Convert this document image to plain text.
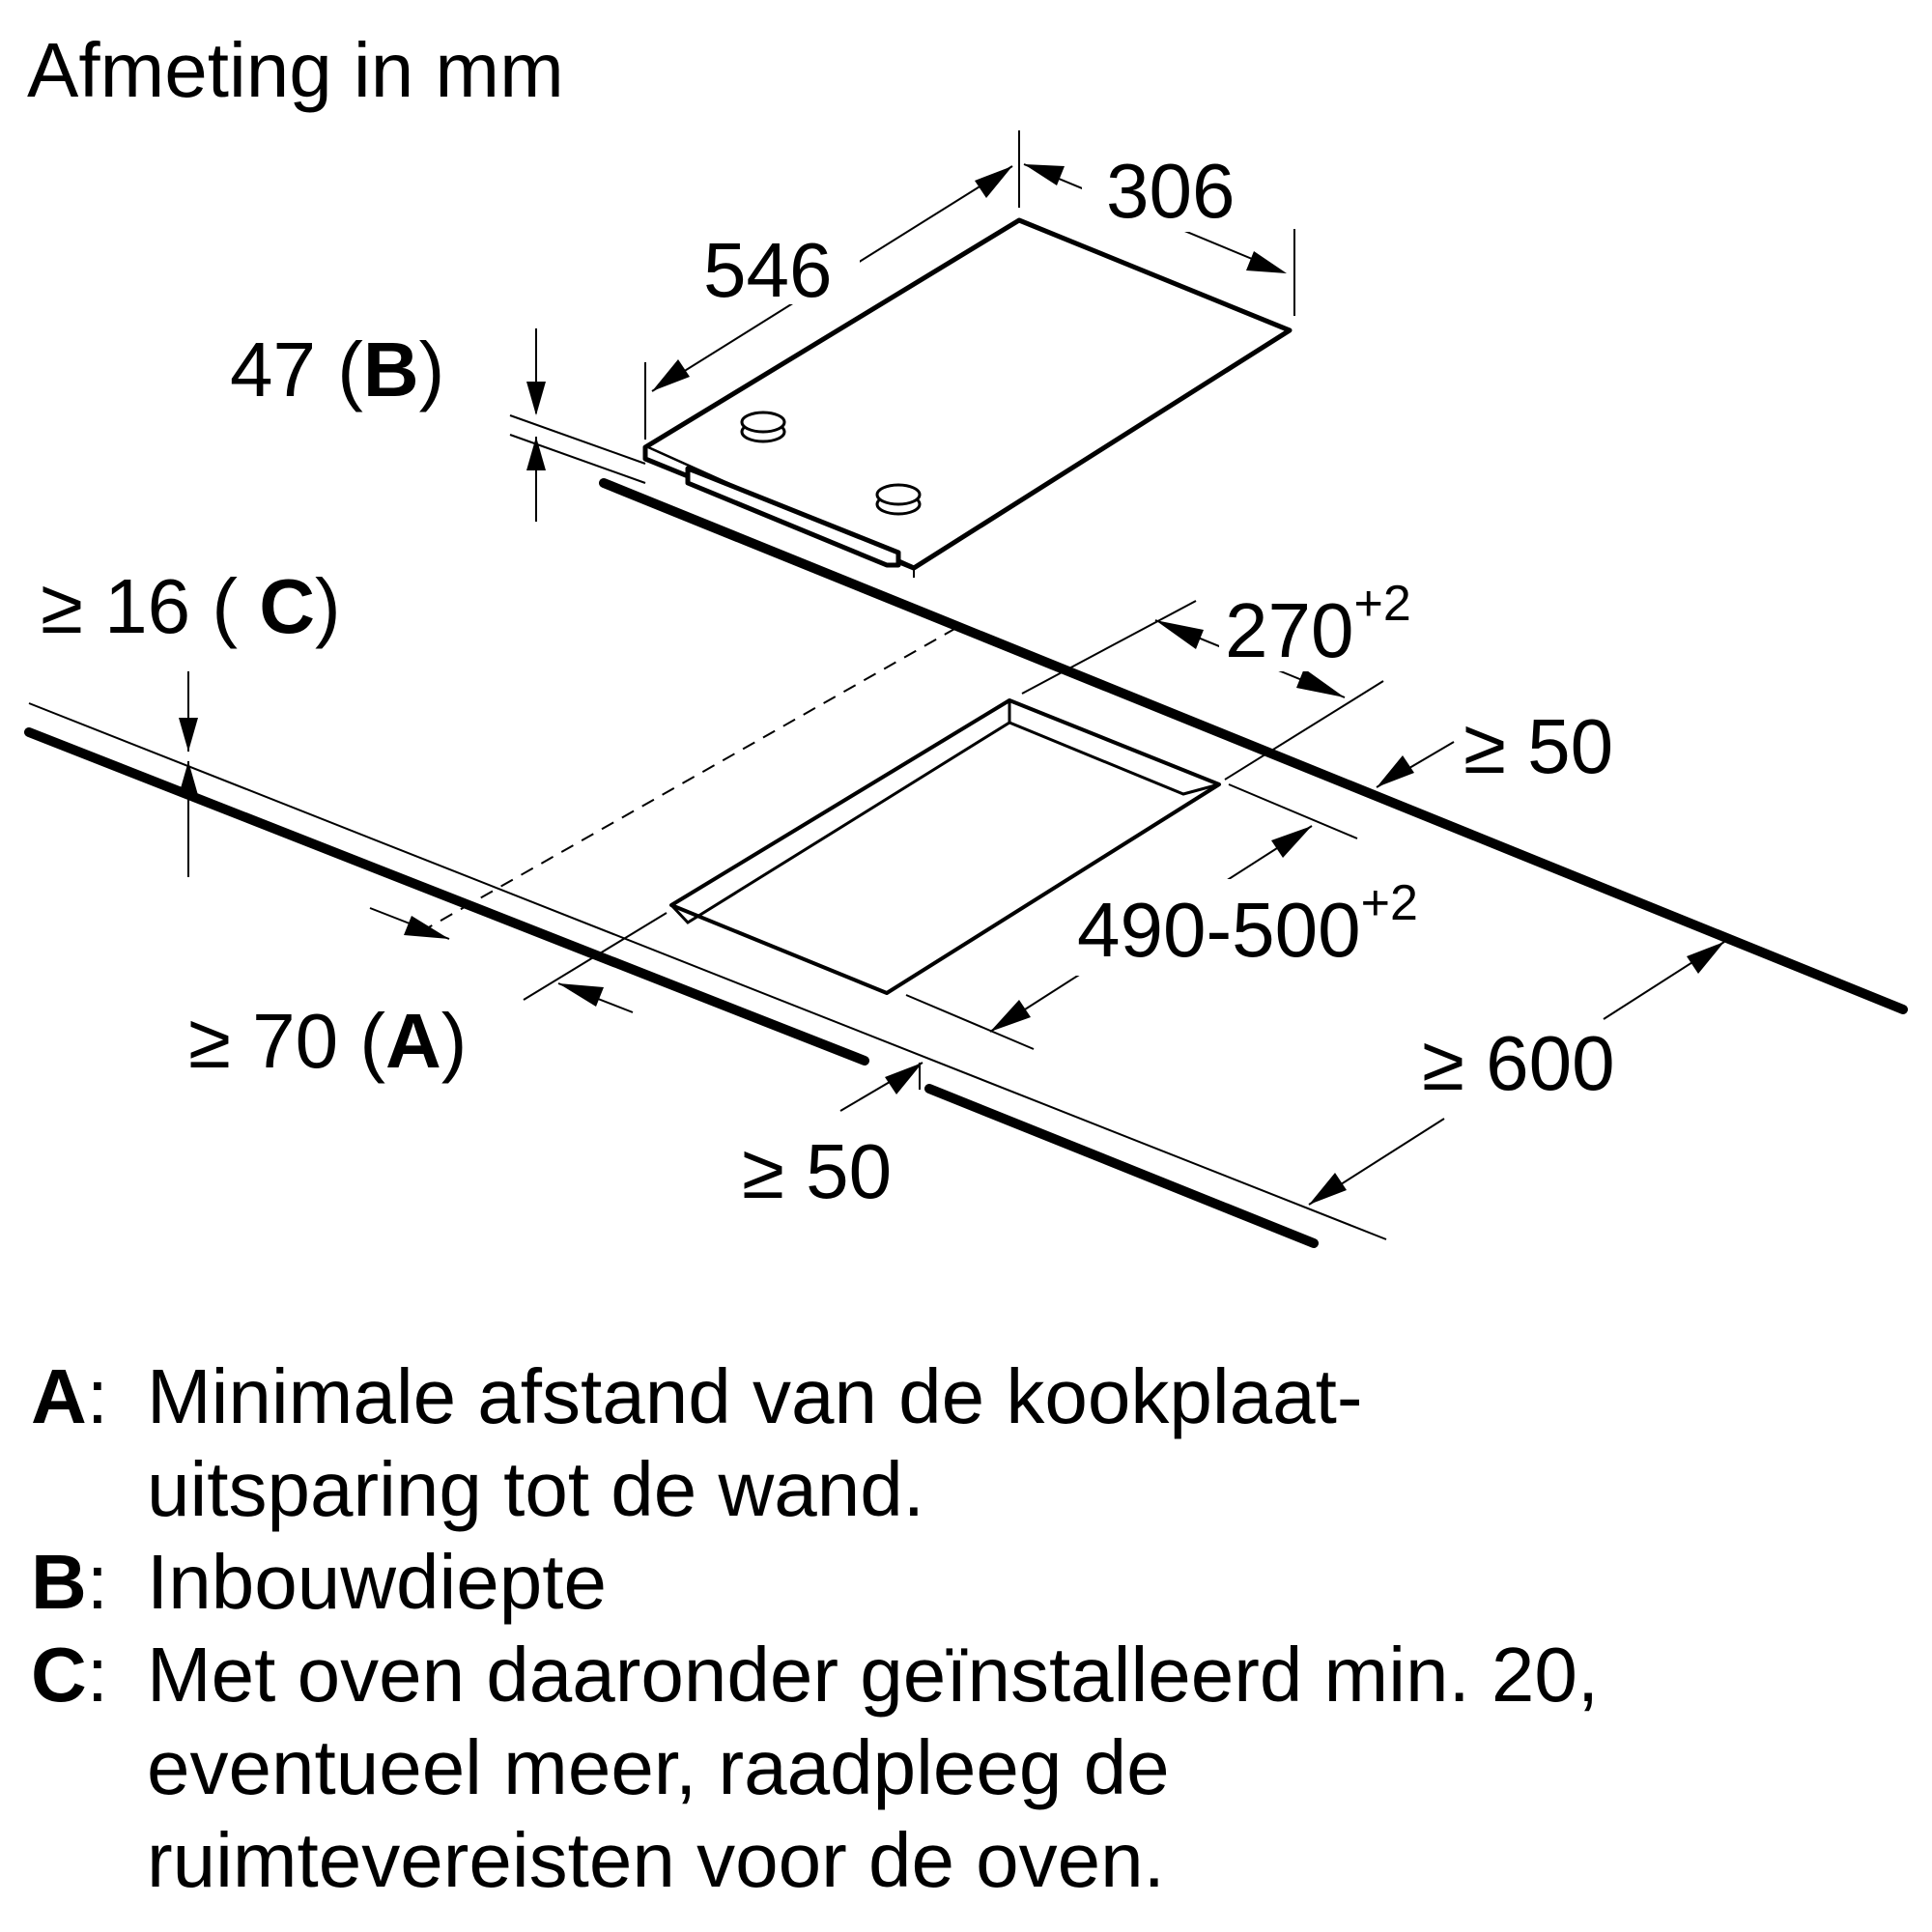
Afmeting in mm
306
546
47 (B)
$270^{+2}$
$490-500^{+2}$
≥ 50
≥ 600
≥ 50
≥ 70 (A)
≥ 16 ( C)
A: Minimale afstand van de kookplaat-
uitsparing tot de wand.
B: Inbouwdiepte
C: Met oven daaronder geïnstalleerd min. 20,
eventueel meer, raadpleeg de
ruimtevereisten voor de oven.
